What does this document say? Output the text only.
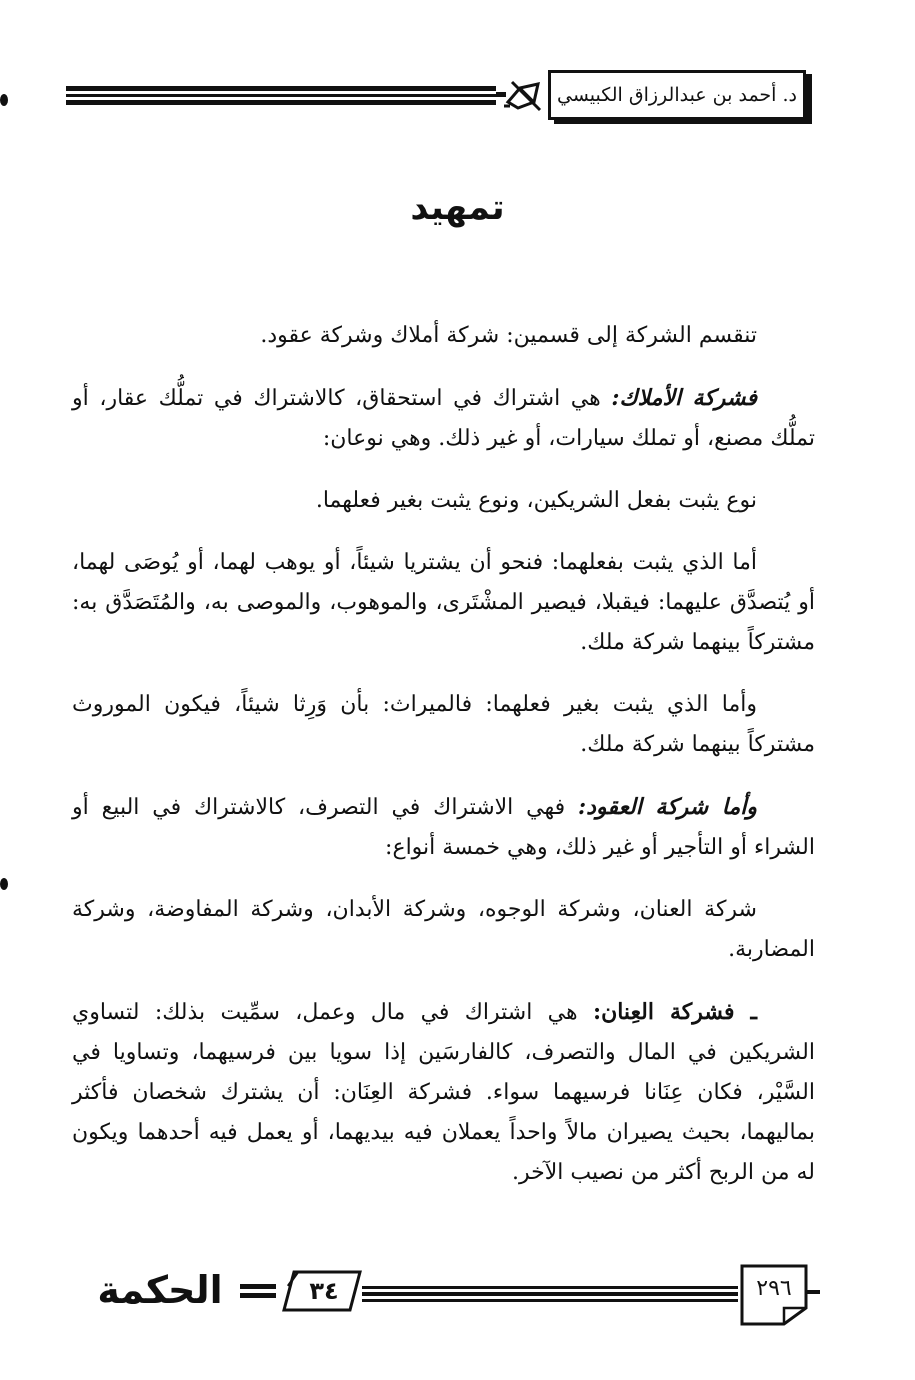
د. أحمد بن عبدالرزاق الكبيسي
تمهيد

تنقسم الشركة إلى قسمين: شركة أملاك وشركة عقود.

فشركة الأملاك: هي اشتراك في استحقاق، كالاشتراك في تملُّك عقار، أو تملُّك مصنع، أو تملك سيارات، أو غير ذلك. وهي نوعان:

نوع يثبت بفعل الشريكين، ونوع يثبت بغير فعلهما.

أما الذي يثبت بفعلهما: فنحو أن يشتريا شيئاً، أو يوهب لهما، أو يُوصَى لهما، أو يُتصدَّق عليهما: فيقبلا، فيصير المشْتَرى، والموهوب، والموصى به، والمُتَصَدَّق به: مشتركاً بينهما شركة ملك.

وأما الذي يثبت بغير فعلهما: فالميراث: بأن وَرِثا شيئاً، فيكون الموروث مشتركاً بينهما شركة ملك.

وأما شركة العقود: فهي الاشتراك في التصرف، كالاشتراك في البيع أو الشراء أو التأجير أو غير ذلك، وهي خمسة أنواع:

شركة العنان، وشركة الوجوه، وشركة الأبدان، وشركة المفاوضة، وشركة المضاربة.

ـ فشركة العِنان: هي اشتراك في مال وعمل، سمِّيت بذلك: لتساوي الشريكين في المال والتصرف، كالفارسَين إذا سويا بين فرسيهما، وتساويا في السَّيْر، فكان عِنَانا فرسيهما سواء. فشركة العِنَان: أن يشترك شخصان فأكثر بماليهما، بحيث يصيران مالاً واحداً يعملان فيه بيديهما، أو يعمل فيه أحدهما ويكون له من الربح أكثر من نصيب الآخر.

الحكمة	٣٤	٢٩٦
